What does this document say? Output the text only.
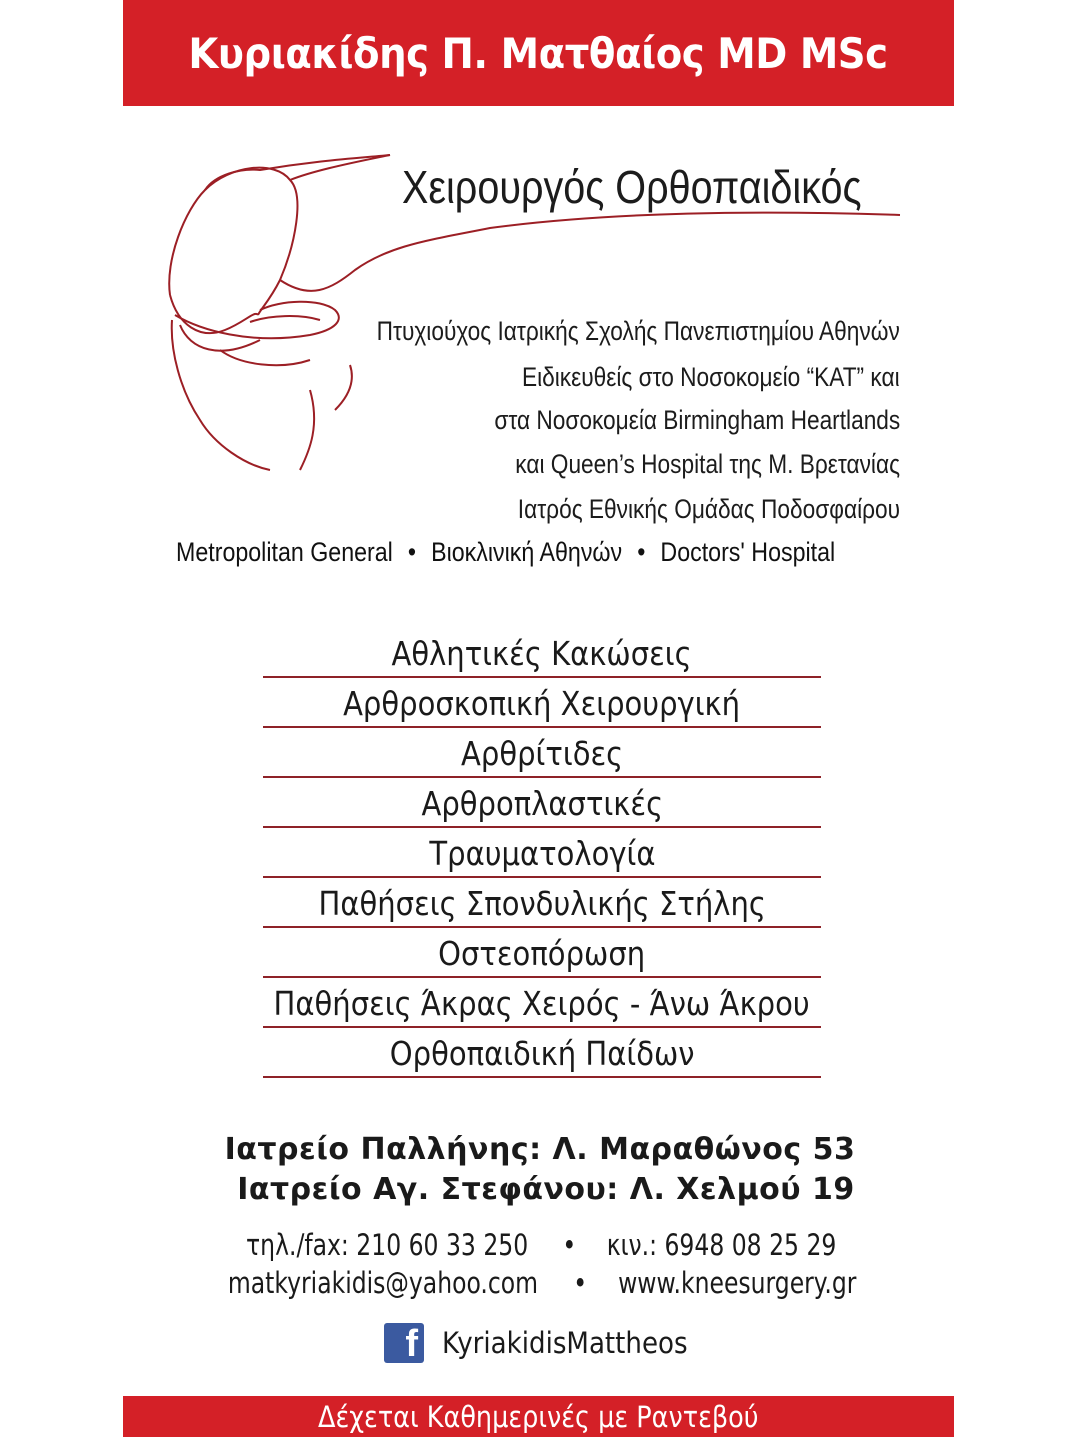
Κυριακίδης Π. Ματθαίος MD MSc
Χειρουργός Ορθοπαιδικός
Πτυχιούχος Ιατρικής Σχολής Πανεπιστημίου Αθηνών
Ειδικευθείς στο Νοσοκομείο “ΚΑΤ” και
στα Νοσοκομεία Birmingham Heartlands
και Queen’s Hospital της Μ. Βρετανίας
Ιατρός Εθνικής Ομάδας Ποδοσφαίρου
Metropolitan General • Βιοκλινική Αθηνών • Doctors' Hospital
Αθλητικές Κακώσεις
Αρθροσκοπική Χειρουργική
Αρθρίτιδες
Αρθροπλαστικές
Τραυματολογία
Παθήσεις Σπονδυλικής Στήλης
Οστεοπόρωση
Παθήσεις Άκρας Χειρός - Άνω Άκρου
Ορθοπαιδική Παίδων
Ιατρείο Παλλήνης: Λ. Μαραθώνος 53
Ιατρείο Αγ. Στεφάνου: Λ. Χελμού 19
τηλ./fax: 210 60 33 250 • κιν.: 6948 08 25 29
matkyriakidis@yahoo.com • www.kneesurgery.gr
f KyriakidisMattheos
Δέχεται Καθημερινές με Ραντεβού
